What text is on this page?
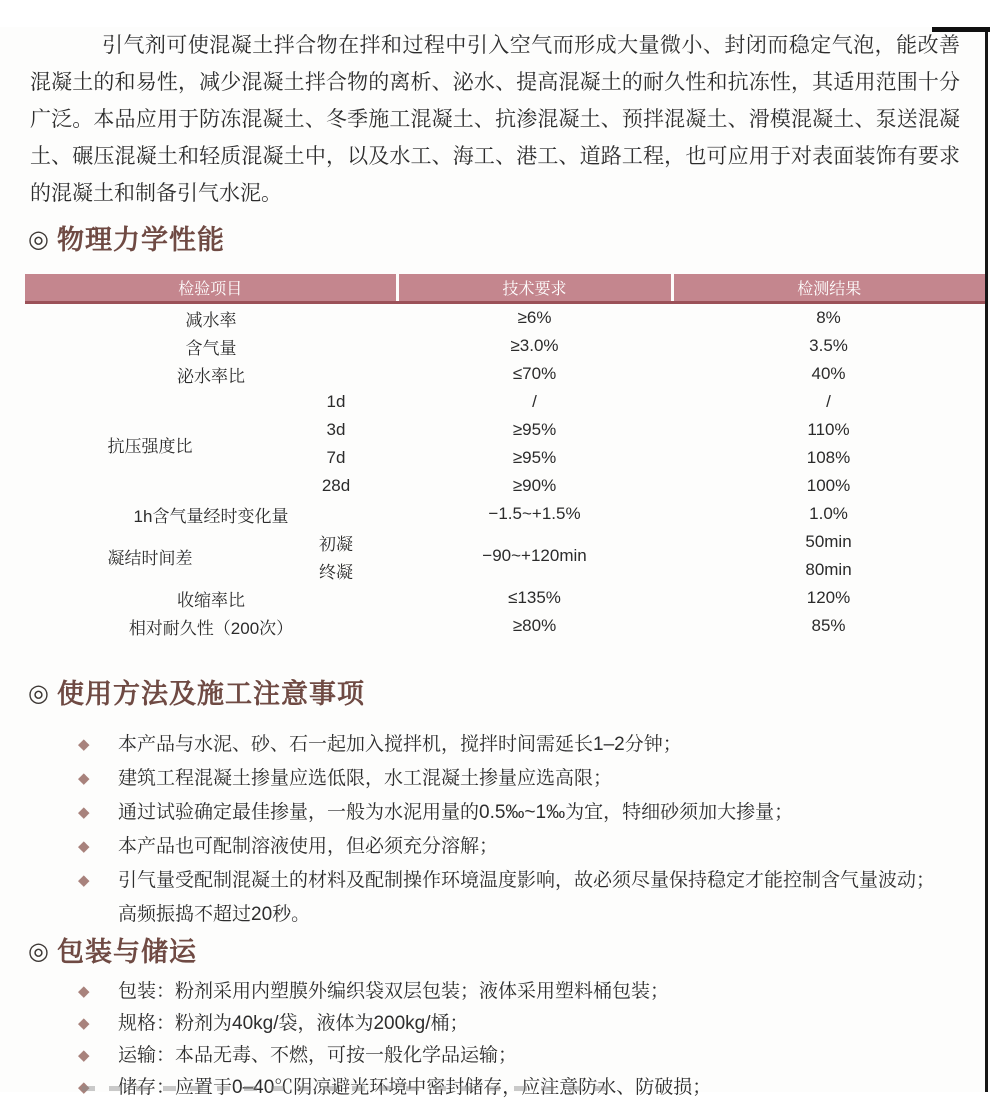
引气剂可使混凝土拌合物在拌和过程中引入空气而形成大量微小、封闭而稳定气泡，能改善混凝土的和易性，减少混凝土拌合物的离析、泌水、提高混凝土的耐久性和抗冻性，其适用范围十分广泛。本品应用于防冻混凝土、冬季施工混凝土、抗渗混凝土、预拌混凝土、滑模混凝土、泵送混凝土、碾压混凝土和轻质混凝土中，以及水工、海工、港工、道路工程，也可应用于对表面装饰有要求的混凝土和制备引气水泥。

◎ 物理力学性能
检验项目		技术要求	检测结果
减水率		≥6%	8%
含气量		≥3.0%	3.5%
泌水率比		≤70%	40%
抗压强度比	1d	/	/
	3d	≥95%	110%
	7d	≥95%	108%
	28d	≥90%	100%
1h含气量经时变化量		−1.5~+1.5%	1.0%
凝结时间差	初凝	−90~+120min	50min
	终凝		80min
收缩率比		≤135%	120%
相对耐久性（200次）		≥80%	85%
◎ 使用方法及施工注意事项
◆	本产品与水泥、砂、石一起加入搅拌机，搅拌时间需延长1–2分钟；
◆	建筑工程混凝土掺量应选低限，水工混凝土掺量应选高限；
◆	通过试验确定最佳掺量，一般为水泥用量的0.5‰~1‰为宜，特细砂须加大掺量；
◆	本产品也可配制溶液使用，但必须充分溶解；
◆	引气量受配制混凝土的材料及配制操作环境温度影响，故必须尽量保持稳定才能控制含气量波动；
高频振捣不超过20秒。
◎ 包装与储运
◆	包装：粉剂采用内塑膜外编织袋双层包装；液体采用塑料桶包装；
◆	规格：粉剂为40kg/袋，液体为200kg/桶；
◆	运输：本品无毒、不燃，可按一般化学品运输；
◆	储存：应置于0–40℃阴凉避光环境中密封储存，应注意防水、防破损；
